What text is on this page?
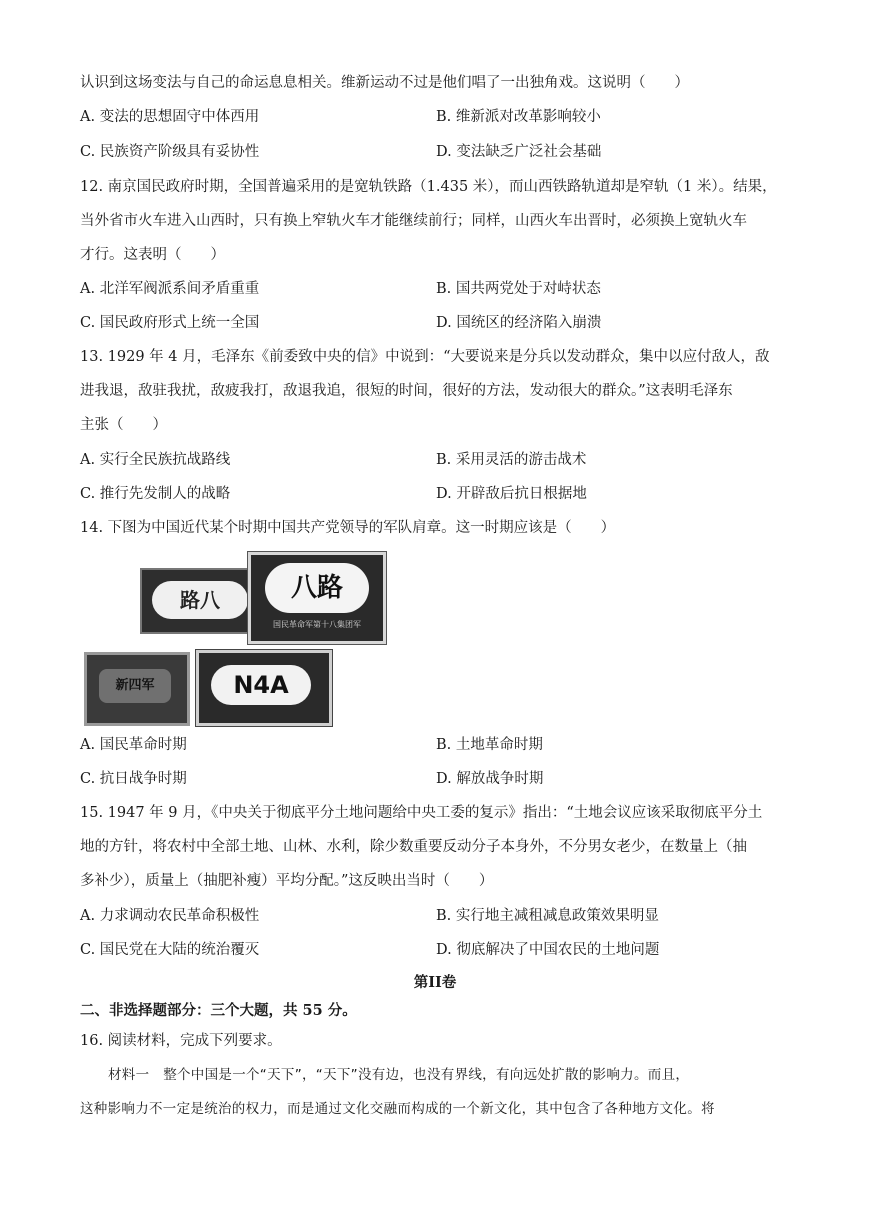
认识到这场变法与自己的命运息息相关。维新运动不过是他们唱了一出独角戏。这说明（　　）
A. 变法的思想固守中体西用	B. 维新派对改革影响较小
C. 民族资产阶级具有妥协性	D. 变法缺乏广泛社会基础
12. 南京国民政府时期，全国普遍采用的是宽轨铁路（1.435 米），而山西铁路轨道却是窄轨（1 米）。结果，
当外省市火车进入山西时，只有换上窄轨火车才能继续前行；同样，山西火车出晋时，必须换上宽轨火车
才行。这表明（　　）
A. 北洋军阀派系间矛盾重重	B. 国共两党处于对峙状态
C. 国民政府形式上统一全国	D. 国统区的经济陷入崩溃
13. 1929 年 4 月，毛泽东《前委致中央的信》中说到：“大要说来是分兵以发动群众，集中以应付敌人，敌
进我退，敌驻我扰，敌疲我打，敌退我追，很短的时间，很好的方法，发动很大的群众。”这表明毛泽东
主张（　　）
A. 实行全民族抗战路线	B. 采用灵活的游击战术
C. 推行先发制人的战略	D. 开辟敌后抗日根据地
14. 下图为中国近代某个时期中国共产党领导的军队肩章。这一时期应该是（　　）
路八	八路
国民革命军第十八集团军
新四军	N4A
A. 国民革命时期	B. 土地革命时期
C. 抗日战争时期	D. 解放战争时期
15. 1947 年 9 月，《中央关于彻底平分土地问题给中央工委的复示》指出：“土地会议应该采取彻底平分土
地的方针，将农村中全部土地、山林、水利，除少数重要反动分子本身外，不分男女老少，在数量上（抽
多补少），质量上（抽肥补瘦）平均分配。”这反映出当时（　　）
A. 力求调动农民革命积极性	B. 实行地主减租减息政策效果明显
C. 国民党在大陆的统治覆灭	D. 彻底解决了中国农民的土地问题
第II卷
二、非选择题部分：三个大题，共 55 分。
16. 阅读材料，完成下列要求。
材料一　整个中国是一个“天下”，“天下”没有边，也没有界线，有向远处扩散的影响力。而且，
这种影响力不一定是统治的权力，而是通过文化交融而构成的一个新文化，其中包含了各种地方文化。将
